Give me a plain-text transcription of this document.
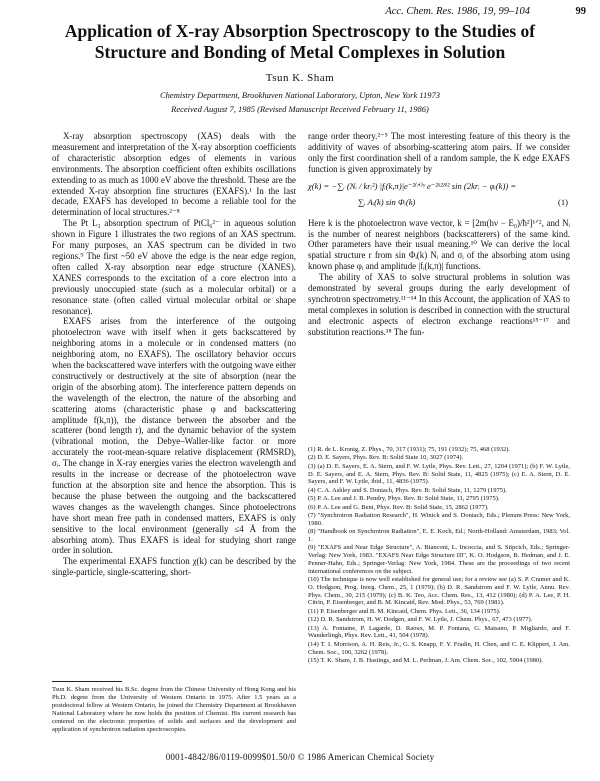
Acc. Chem. Res. 1986, 19, 99–104	99
Application of X-ray Absorption Spectroscopy to the Studies of Structure and Bonding of Metal Complexes in Solution
Tsun K. Sham
Chemistry Department, Brookhaven National Laboratory, Upton, New York 11973
Received August 7, 1985 (Revised Manuscript Received February 11, 1986)

X-ray absorption spectroscopy (XAS) deals with the measurement and interpretation of the X-ray absorption coefficients of characteristic absorption edges of elements in various environments. The absorption coefficient often exhibits oscillations extending to as much as 1000 eV above the threshold. These are the extended X-ray absorption fine structures (EXAFS).¹ In the last decade, EXAFS has developed to become a reliable tool for the determination of local structures.²⁻⁸

The Pt L₃ absorption spectrum of PtCl₆²⁻ in aqueous solution shown in Figure 1 illustrates the two regions of an XAS spectrum. For many purposes, an XAS spectrum can be divided in two regions.⁹ The first ~50 eV above the edge is the near edge region, often called X-ray absorption near edge structure (XANES). XANES corresponds to the excitation of a core electron into a previously unoccupied state (such as a molecular orbital) or a resonance state (often called virtual molecular orbital or shape resonance).

EXAFS arises from the interference of the outgoing photoelectron wave with itself when it gets backscattered by neighboring atoms in a molecule or in condensed matters (no neighboring atom, no EXAFS). The oscillatory behavior occurs when the backscattered wave interfers with the outgoing wave either constructively or destructively at the site of absorption (near the origin of the absorbing atom). The interference pattern depends on the wavelength of the electron, the nature of the absorbing and scattering atoms (characteristic phase φ and backscattering amplitude f(k,π)), the distance between the absorber and the scatterer (bond length r), and the dynamic behavior of the system (vibrational motion, the Debye–Waller-like factor or more accurately the root-mean-square relative displacement (RMSRD), σᵢ. The change in X-ray energies varies the electron wavelength and results in the increase or decrease of the photoelectron wave function at the absorption site and hence the absorption. This is because the phase between the outgoing and the backscattered waves changes as the wavelength changes. Since photoelectrons have short mean free path in condensed matters, EXAFS is only sensitive to the local environment (generally ≤4 Å from the absorbing atom). Thus EXAFS is ideal for studying short range order in solution.

The experimental EXAFS function χ(k) can be described by the single-particle, single-scattering, short-

range order theory.²⁻⁵ The most interesting feature of this theory is the additivity of waves of absorbing-scattering atom pairs. If we consider only the first coordination shell of a random sample, the K edge EXAFS function is given approximately by

χ(k) = −∑ᵢ (Nᵢ / krᵢ²) |fᵢ(k,π)|e⁻²⁽ʳⁱ⁾ᵞ e⁻²ᵏ²ᵟⁱ² sin (2krᵢ − φᵢ(k)) =
∑ᵢ Aᵢ(k) sin Φᵢ(k)	(1)

Here k is the photoelectron wave vector, k = [2m(hν − E₀)/ħ²]¹ᐟ², and Nᵢ is the number of nearest neighbors (backscatterers) of the same kind. Other parameters have their usual meaning.¹⁰ We can derive the local spatial structure r from sin Φᵢ(k) Nᵢ and σᵢ of the absorbing atom using known phase φᵢ and amplitude |fᵢ(k,π)| functions.

The ability of XAS to solve structural problems in solution was demonstrated by several groups during the early development of synchrotron spectrometry.¹¹⁻¹⁴ In this Account, the application of XAS to metal complexes in solution is described in connection with the structural and electronic aspects of electron exchange reactions¹⁵⁻¹⁷ and substitution reactions.¹⁸ The fun-

(1) R. de L. Kronig, Z. Phys., 70, 317 (1931); 75, 191 (1932); 75, 468 (1932).

(2) D. E. Sayers, Phys. Rev. B: Solid State 10, 3027 (1974).

(3) (a) D. E. Sayers, E. A. Stern, and F. W. Lytle, Phys. Rev. Lett., 27, 1204 (1971); (b) F. W. Lytle, D. E. Sayers, and E. A. Stern, Phys. Rev. B: Solid State, 11, 4825 (1975); (c) E. A. Stern, D. E. Sayers, and F. W. Lytle, ibid., 11, 4836 (1975).

(4) C. A. Ashley and S. Doniach, Phys. Rev. B: Solid State, 11, 1279 (1975).

(5) P. A. Lee and J. B. Pendry, Phys. Rev. B: Solid State, 11, 2795 (1975).

(6) P. A. Lee and G. Beni, Phys. Rev. B: Solid State, 15, 2862 (1977).

(7) "Synchrotron Radiation Research", H. Winick and S. Doniach, Eds.; Plenum Press: New York, 1980.

(8) "Handbook on Synchrotron Radiation", E. E. Koch, Ed.; North-Holland: Amsterdam, 1983; Vol. 1.

(9) "EXAFS and Near Edge Structure", A. Bianconi, L. Incoccia, and S. Stipcich, Eds.; Springer-Verlag: New York, 1983. "EXAFS Near Edge Structure III", K. O. Hodgson, B. Hedman, and J. E. Penner-Hahn, Eds.; Springer-Verlag: New York, 1984. These are the proceedings of two recent international conferences on the subject.

(10) The technique is now well established for general use; for a review see (a) S. P. Cramer and K. O. Hodgson, Prog. Inorg. Chem., 25, 1 (1979); (b) D. R. Sandstrom and F. W. Lytle, Annu. Rev. Phys. Chem., 30, 215 (1979); (c) B. K. Teo, Acc. Chem. Res., 13, 412 (1980); (d) P. A. Lee, P. H. Citrin, P. Eisenberger, and B. M. Kincaid, Rev. Mod. Phys., 53, 769 (1981).

(11) P. Eisenberger and B. M. Kincaid, Chem. Phys. Lett., 36, 134 (1975).

(12) D. R. Sandstrom, H. W. Dodgen, and F. W. Lytle, J. Chem. Phys., 67, 473 (1977).

(13) A. Fontaine, P. Lagarde, D. Raoux, M. P. Fontana, G. Maisano, P. Migliardo, and F. Wanderlingh, Phys. Rev. Lett., 41, 504 (1978).

(14) T. I. Morrison, A. H. Reis, Jr., G. S. Knapp, F. Y. Fradin, H. Chen, and C. E. Klippert, J. Am. Chem. Soc., 100, 3262 (1978).

(15) T. K. Sham, J. B. Hastings, and M. L. Perlman, J. Am. Chem. Soc., 102, 5904 (1980).

Tsun K. Sham received his B.Sc. degree from the Chinese University of Hong Kong and his Ph.D. degree from the University of Western Ontario in 1975. After 1.5 years as a postdoctoral fellow at Western Ontario, he joined the Chemistry Department at Brookhaven National Laboratory where he now holds the position of Chemist. His current research has centered on the electronic properties of solids and surfaces and the development and application of synchrotron radiation spectroscopies.
0001-4842/86/0119-0099$01.50/0 © 1986 American Chemical Society
